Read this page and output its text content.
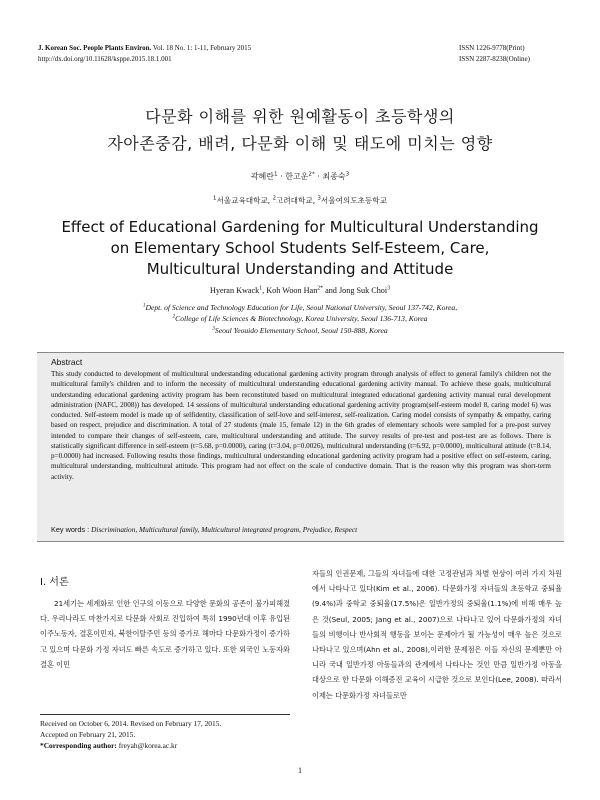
J. Korean Soc. People Plants Environ. Vol. 18 No. 1: 1-11, February 2015
http://dx.doi.org/10.11628/ksppe.2015.18.1.001
ISSN 1226-9778(Print)
ISSN 2287-8238(Online)
다문화 이해를 위한 원예활동이 초등학생의
자아존중감, 배려, 다문화 이해 및 태도에 미치는 영향
곽혜란$^1$ · 한고운$^{2*}$ · 최종숙$^3$
$^1$서울교육대학교, $^2$고려대학교, $^3$서울여의도초등학교
Effect of Educational Gardening for Multicultural Understanding
on Elementary School Students Self-Esteem, Care,
Multicultural Understanding and Attitude
Hyeran Kwack$^1$, Koh Woon Han$^{2*}$ and Jong Suk Choi$^3$
$^1$Dept. of Science and Technology Education for Life, Seoul National University, Seoul 137-742, Korea,
$^2$College of Life Sciences & Biotechnology, Korea University, Seoul 136-713, Korea
$^3$Seoul Yeouido Elementary School, Seoul 150-888, Korea
Abstract
This study conducted to development of multicultural understanding educational gardening activity program through analysis of effect to general family's children not the multicultural family's children and to inform the necessity of multicultural understanding educational gardening activity manual. To achieve these goals, multicultural understanding educational gardening activity program has been reconstituted based on multicultural integrated educational gardening activity manual rural development administration (NAFC, 2008)) has developed. 14 sessions of multicultural understanding educational gardening activity program(self-esteem model 8, caring model 6) was conducted. Self-esteem model is made up of selfidentity, classification of self-love and self-interest, self-realization. Caring model consists of sympathy & empathy, caring based on respect, prejudice and discrimination. A total of 27 students (male 15, female 12) in the 6th grades of elementary schools were sampled for a pre-post survey intended to compare their changes of self-esteem, care, multicultural understanding and attitude. The survey results of pre-test and post-test are as follows. There is statistically significant difference in self-esteem (t=5.68, p=0.0000), caring (t=3.04, p=0.0026), multicultural understanding (t=6.92, p=0.0000), multicultural attitude (t=8.14, p=0.0000) had increased. Following results those findings, multicultural understanding educational gardening activity program had a positive effect on self-esteem, caring, multicultural understanding, multicultural attitude. This program had not effect on the scale of conductive domain. That is the reason why this program was short-term activity.
Key words : Discrimination, Multicultural family, Multicultural integrated program, Prejudice, Respect
Ⅰ. 서론

21세기는 세계화로 인한 인구의 이동으로 다양한 문화의 공존이 불가피해졌다. 우리나라도 마찬가지로 다문화 사회로 진입하여 특히 1990년대 이후 유입된 이주노동자, 결혼이민자, 북한이탈주민 등의 증가로 해마다 다문화가정이 증가하고 있으며 다문화 가정 자녀도 빠른 속도로 증가하고 있다. 또한 외국인 노동자와 결혼 이민

자들의 인권문제, 그들의 자녀들에 대한 고정관념과 차별 현상이 여러 가지 차원에서 나타나고 있다(Kim et al., 2006). 다문화가정 자녀들의 초등학교 중퇴율(9.4%)과 중학교 중퇴율(17.5%)은 일반가정의 중퇴율(1.1%)에 비해 매우 높은 것(Seul, 2005; Jang et al., 2007)으로 나타나고 있어 다문화가정의 자녀들의 비행이나 반사회적 행동을 보이는 문제아가 될 가능성이 매우 높은 것으로 나타나고 있으며(Ahn et al., 2008),이러한 문제점은 이들 자신의 문제뿐만 아니라 국내 일반가정 아동들과의 관계에서 나타나는 것인 만큼 일반가정 아동을 대상으로 한 다문화 이해증진 교육이 시급한 것으로 보인다(Lee, 2008). 따라서 이제는 다문화가정 자녀들로만

Received on October 6, 2014. Revised on February 17, 2015.
Accepted on February 21, 2015.
*Corresponding author: freyah@korea.ac.kr
1
